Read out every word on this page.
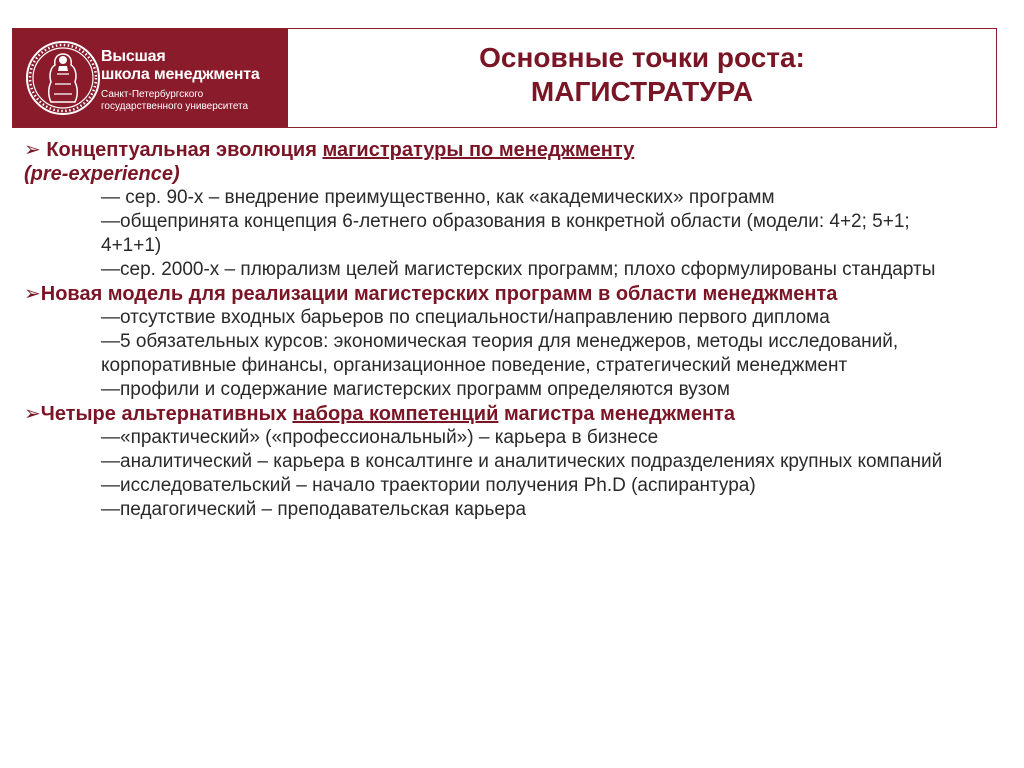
Высшая
школа менеджмента
Санкт-Петербургского
государственного университета
Основные точки роста:
МАГИСТРАТУРА
➢ Концептуальная эволюция магистратуры по менеджменту
(pre-experience)
— сер. 90-х – внедрение преимущественно, как «академических» программ
—общепринята концепция 6-летнего образования в конкретной области (модели: 4+2; 5+1; 4+1+1)
—сер. 2000-х – плюрализм целей магистерских программ; плохо сформулированы стандарты
➢Новая модель для реализации магистерских программ в области менеджмента
—отсутствие входных барьеров по специальности/направлению первого диплома
—5 обязательных курсов: экономическая теория для менеджеров, методы исследований, корпоративные финансы, организационное поведение, стратегический менеджмент
—профили и содержание магистерских программ определяются вузом
➢Четыре альтернативных набора компетенций магистра менеджмента
—«практический» («профессиональный») – карьера в бизнесе
—аналитический – карьера в консалтинге и аналитических подразделениях крупных компаний
—исследовательский – начало траектории получения Ph.D (аспирантура)
—педагогический – преподавательская карьера
